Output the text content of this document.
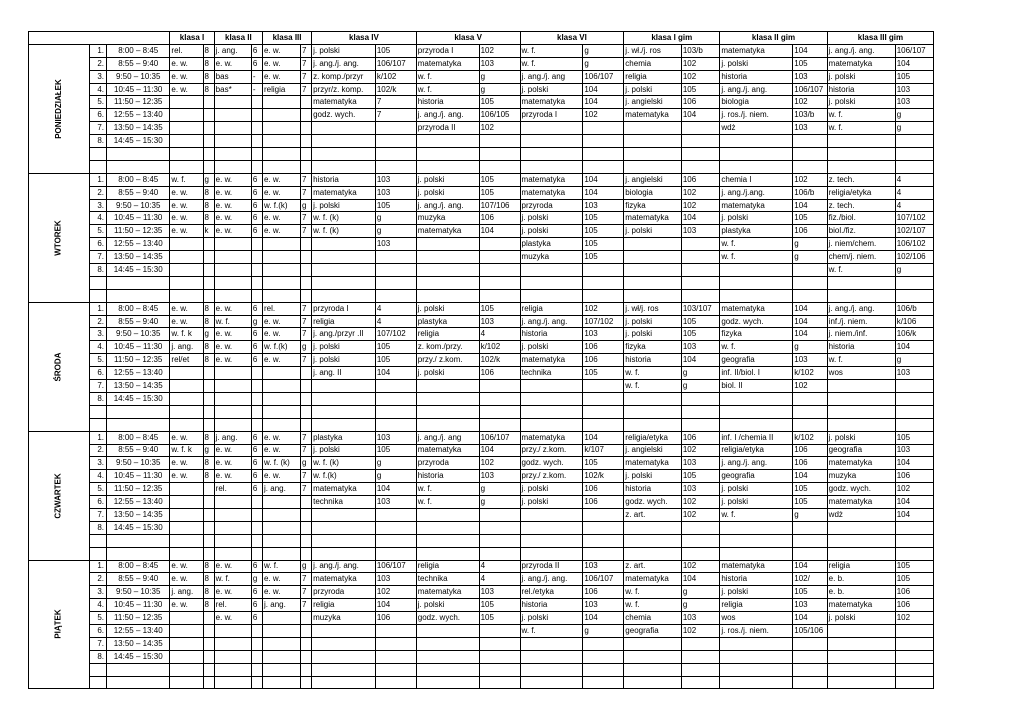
			klasa I		klasa II		klasa III		klasa IV		klasa V		klasa VI		klasa I gim		klasa II gim		klasa III gim	
PONIEDZIAŁEK	1.	8:00 – 8:45	rel.	8	j. ang.	6	e. w.	7	j. polski	105	przyroda I	102	w. f.	g	j. wł./j. ros	103/b	matematyka	104	j. ang./j. ang.	106/107
	2.	8:55 – 9:40	e. w.	8	e. w.	6	e. w.	7	j. ang./j. ang.	106/107	matematyka	103	w. f.	g	chemia	102	j. polski	105	matematyka	104
	3.	9:50 – 10:35	e. w.	8	bas	-	e. w.	7	z. komp./przyr	k/102	w. f.	g	j. ang./j. ang	106/107	religia	102	historia	103	j. polski	105
	4.	10:45 – 11:30	e. w.	8	bas*	-	religia	7	przyr/z. komp.	102/k	w. f.	g	j. polski	104	j. polski	105	j. ang./j. ang.	106/107	historia	103
	5.	11:50 – 12:35							matematyka	7	historia	105	matematyka	104	j. angielski	106	biologia	102	j. polski	103
	6.	12:55 – 13:40							godz. wych.	7	j. ang./j. ang.	106/105	przyroda I	102	matematyka	104	j. ros./j. niem.	103/b	w. f.	g
	7.	13:50 – 14:35									przyroda II	102					wdż	103	w. f.	g
	8.	14:45 – 15:30																		

WTOREK	1.	8:00 – 8:45	w. f.	g	e. w.	6	e. w.	7	historia	103	j. polski	105	matematyka	104	j. angielski	106	chemia I	102	z. tech.	4
	2.	8:55 – 9:40	e. w.	8	e. w.	6	e. w.	7	matematyka	103	j. polski	105	matematyka	104	biologia	102	j. ang./j.ang.	106/b	religia/etyka	4
	3.	9:50 – 10:35	e. w.	8	e. w.	6	w. f.(k)	g	j. polski	105	j. ang./j. ang.	107/106	przyroda	103	fizyka	102	matematyka	104	z. tech.	4
	4.	10:45 – 11:30	e. w.	8	e. w.	6	e. w.	7	w. f. (k)	g	muzyka	106	j. polski	105	matematyka	104	j. polski	105	fiz./biol.	107/102
	5.	11:50 – 12:35	e. w.	k	e. w.	6	e. w.	7	w. f. (k)	g	matematyka	104	j. polski	105	j. polski	103	plastyka	106	biol./fiz.	102/107
	6.	12:55 – 13:40								103			plastyka	105			w. f.	g	j. niem/chem.	106/102
	7.	13:50 – 14:35											muzyka	105			w. f.	g	chem/j. niem.	102/106
	8.	14:45 – 15:30																	w. f.	g

ŚRODA	1.	8:00 – 8:45	e. w.	8	e. w.	6	rel.	7	przyroda I	4	j. polski	105	religia	102	j. wł/j. ros	103/107	matematyka	104	j. ang./j. ang.	106/b
	2.	8:55 – 9:40	e. w.	8	w. f.	g	e. w.	7	religia	4	plastyka	103	j. ang./j. ang.	107/102	j. polski	105	godz. wych.	104	inf./j. niem.	k/106
	3.	9:50 – 10:35	w. f. k	g	e. w.	6	e. w.	7	j. ang./przyr .II	107/102	religia	4	historia	103	j. polski	105	fizyka	104	j. niem./inf.	106/k
	4.	10:45 – 11:30	j. ang.	8	e. w.	6	w. f.(k)	g	j. polski	105	z. kom./przy.	k/102	j. polski	106	fizyka	103	w. f.	g	historia	104
	5.	11:50 – 12:35	rel/et	8	e. w.	6	e. w.	7	j. polski	105	przy./ z.kom.	102/k	matematyka	106	historia	104	geografia	103	w. f.	g
	6.	12:55 – 13:40							j. ang. II	104	j. polski	106	technika	105	w. f.	g	inf. II/biol. I	k/102	wos	103
	7.	13:50 – 14:35													w. f.	g	biol. II	102		
	8.	14:45 – 15:30																		

CZWARTEK	1.	8:00 – 8:45	e. w.	8	j. ang.	6	e. w.	7	plastyka	103	j. ang./j. ang	106/107	matematyka	104	religia/etyka	106	inf. I /chemia II	k/102	j. polski	105
	2.	8:55 – 9:40	w. f. k	g	e. w.	6	e. w.	7	j. polski	105	matematyka	104	przy./ z.kom.	k/107	j. angielski	102	religia/etyka	106	geografia	103
	3.	9:50 – 10:35	e. w.	8	e. w.	6	w. f. (k)	g	w. f. (k)	g	przyroda	102	godz. wych.	105	matematyka	103	j. ang./j. ang.	106	matematyka	104
	4.	10:45 – 11:30	e. w.	8	e. w.	6	e. w.	7	w. f.(k)	g	historia	103	przy./ z.kom.	102/k	j. polski	105	geografia	104	muzyka	106
	5.	11:50 – 12:35			rel.	6	j. ang.	7	matematyka	104	w. f.	g	j. polski	106	historia	103	j. polski	105	godz. wych.	102
	6.	12:55 – 13:40							technika	103	w. f.	g	j. polski	106	godz. wych.	102	j. polski	105	matematyka	104
	7.	13:50 – 14:35													z. art.	102	w. f.	g	wdż	104
	8.	14:45 – 15:30																		

PIĄTEK	1.	8:00 – 8:45	e. w.	8	e. w.	6	w. f.	g	j. ang./j. ang.	106/107	religia	4	przyroda II	103	z. art.	102	matematyka	104	religia	105
	2.	8:55 – 9:40	e. w.	8	w. f.	g	e. w.	7	matematyka	103	technika	4	j. ang./j. ang.	106/107	matematyka	104	historia	102/	e. b.	105
	3.	9:50 – 10:35	j. ang.	8	e. w.	6	e. w.	7	przyroda	102	matematyka	103	rel./etyka	106	w. f.	g	j. polski	105	e. b.	106
	4.	10:45 – 11:30	e. w.	8	rel.	6	j. ang.	7	religia	104	j. polski	105	historia	103	w. f.	g	religia	103	matematyka	106
	5.	11:50 – 12:35			e. w.	6			muzyka	106	godz. wych.	105	j. polski	104	chemia	103	wos	104	j. polski	102
	6.	12:55 – 13:40											w. f.	g	geografia	102	j. ros./j. niem.	105/106		
	7.	13:50 – 14:35																		
	8.	14:45 – 15:30																		
